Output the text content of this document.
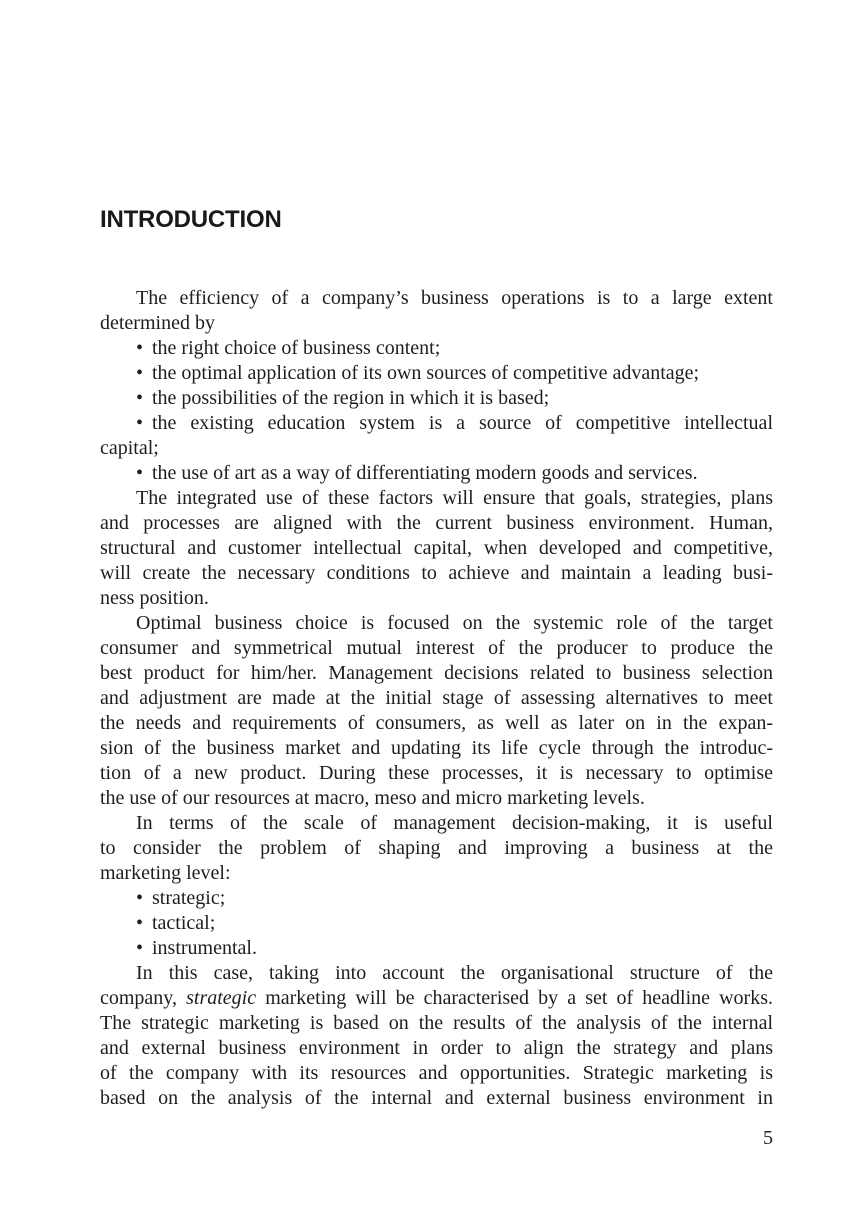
INTRODUCTION
The efficiency of a company’s business operations is to a large extent
determined by
• the right choice of business content;
• the optimal application of its own sources of competitive advantage;
• the possibilities of the region in which it is based;
• the existing education system is a source of competitive intellectual
capital;
• the use of art as a way of differentiating modern goods and services.
The integrated use of these factors will ensure that goals, strategies, plans
and processes are aligned with the current business environment. Human,
structural and customer intellectual capital, when developed and competitive,
will create the necessary conditions to achieve and maintain a leading busi-
ness position.
Optimal business choice is focused on the systemic role of the target
consumer and symmetrical mutual interest of the producer to produce the
best product for him/her. Management decisions related to business selection
and adjustment are made at the initial stage of assessing alternatives to meet
the needs and requirements of consumers, as well as later on in the expan-
sion of the business market and updating its life cycle through the introduc-
tion of a new product. During these processes, it is necessary to optimise
the use of our resources at macro, meso and micro marketing levels.
In terms of the scale of management decision-making, it is useful
to consider the problem of shaping and improving a business at the
marketing level:
• strategic;
• tactical;
• instrumental.
In this case, taking into account the organisational structure of the
company, strategic marketing will be characterised by a set of headline works.
The strategic marketing is based on the results of the analysis of the internal
and external business environment in order to align the strategy and plans
of the company with its resources and opportunities. Strategic marketing is
based on the analysis of the internal and external business environment in
5
